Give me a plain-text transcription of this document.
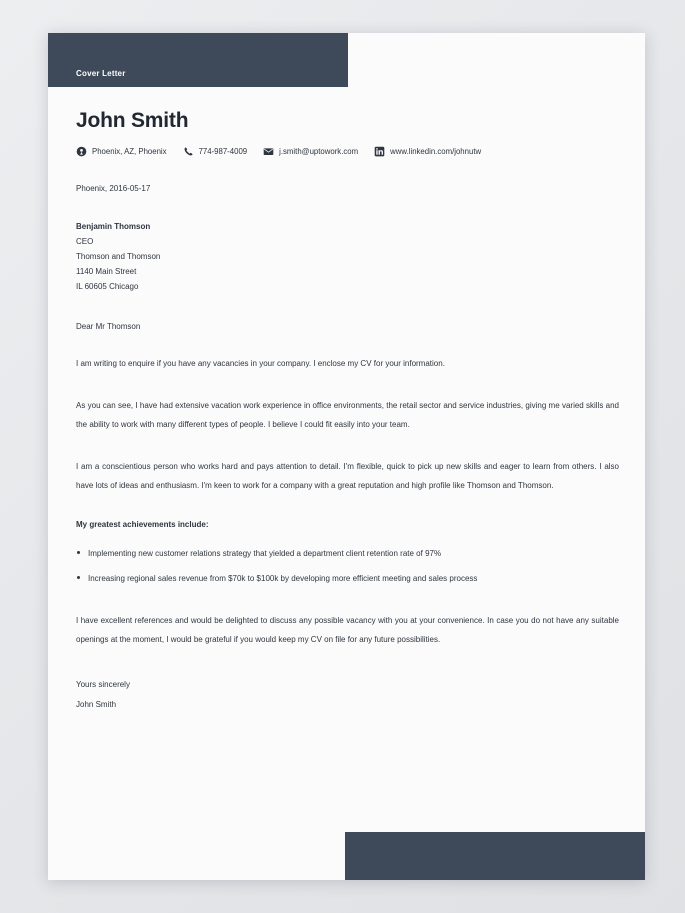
Cover Letter
John Smith
Phoenix, AZ, Phoenix	774-987-4009	j.smith@uptowork.com	www.linkedin.com/johnutw
Phoenix, 2016-05-17
Benjamin Thomson
CEO
Thomson and Thomson
1140 Main Street
IL 60605 Chicago
Dear Mr Thomson
I am writing to enquire if you have any vacancies in your company. I enclose my CV for your information.
As you can see, I have had extensive vacation work experience in office environments, the retail sector and service industries, giving me varied skills and the ability to work with many different types of people. I believe I could fit easily into your team.
I am a conscientious person who works hard and pays attention to detail. I'm flexible, quick to pick up new skills and eager to learn from others. I also have lots of ideas and enthusiasm. I'm keen to work for a company with a great reputation and high profile like Thomson and Thomson.
My greatest achievements include:
Implementing new customer relations strategy that yielded a department client retention rate of 97%
Increasing regional sales revenue from $70k to $100k by developing more efficient meeting and sales process
I have excellent references and would be delighted to discuss any possible vacancy with you at your convenience. In case you do not have any suitable openings at the moment, I would be grateful if you would keep my CV on file for any future possibilities.
Yours sincerely
John Smith
